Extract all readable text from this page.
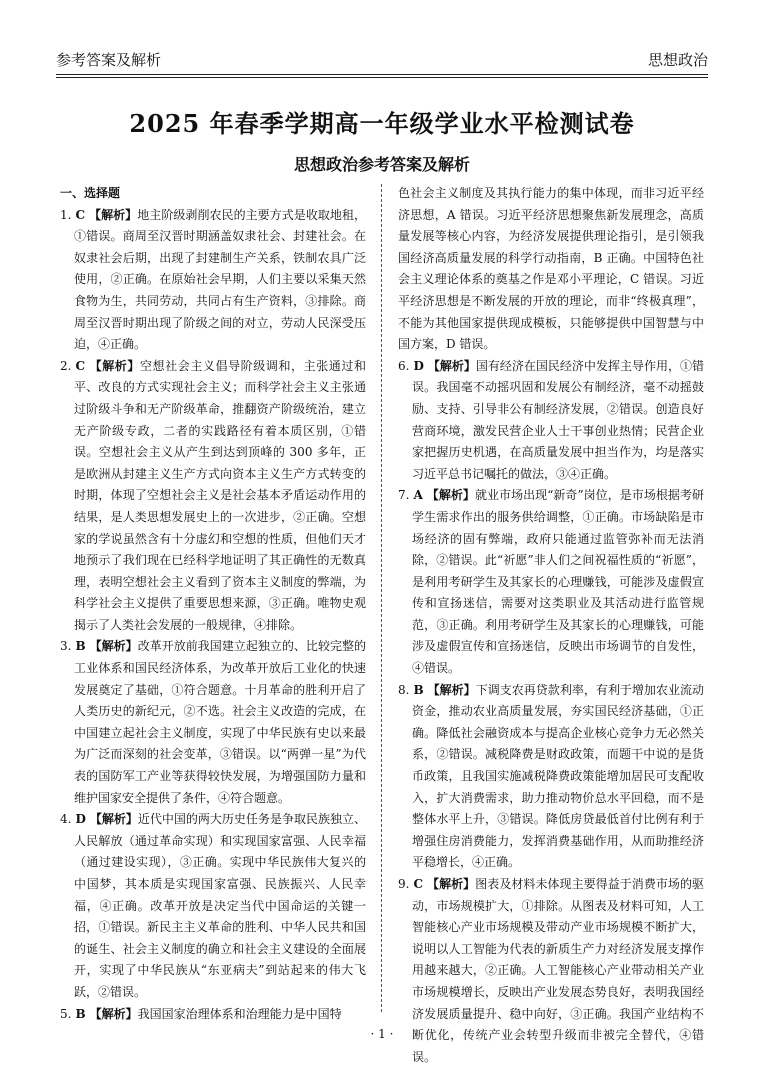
参考答案及解析	思想政治
2025 年春季学期高一年级学业水平检测试卷
思想政治参考答案及解析
一、选择题
1. C 【解析】地主阶级剥削农民的主要方式是收取地租，①错误。商周至汉晋时期涵盖奴隶社会、封建社会。在奴隶社会后期，出现了封建制生产关系，铁制农具广泛使用，②正确。在原始社会早期，人们主要以采集天然食物为生，共同劳动，共同占有生产资料，③排除。商周至汉晋时期出现了阶级之间的对立，劳动人民深受压迫，④正确。
2. C 【解析】空想社会主义倡导阶级调和，主张通过和平、改良的方式实现社会主义；而科学社会主义主张通过阶级斗争和无产阶级革命，推翻资产阶级统治，建立无产阶级专政，二者的实践路径有着本质区别，①错误。空想社会主义从产生到达到顶峰的 300 多年，正是欧洲从封建主义生产方式向资本主义生产方式转变的时期，体现了空想社会主义是社会基本矛盾运动作用的结果，是人类思想发展史上的一次进步，②正确。空想家的学说虽然含有十分虚幻和空想的性质，但他们天才地预示了我们现在已经科学地证明了其正确性的无数真理，表明空想社会主义看到了资本主义制度的弊端，为科学社会主义提供了重要思想来源，③正确。唯物史观揭示了人类社会发展的一般规律，④排除。
3. B 【解析】改革开放前我国建立起独立的、比较完整的工业体系和国民经济体系，为改革开放后工业化的快速发展奠定了基础，①符合题意。十月革命的胜利开启了人类历史的新纪元，②不选。社会主义改造的完成，在中国建立起社会主义制度，实现了中华民族有史以来最为广泛而深刻的社会变革，③错误。以“两弹一星”为代表的国防军工产业等获得较快发展，为增强国防力量和维护国家安全提供了条件，④符合题意。
4. D 【解析】近代中国的两大历史任务是争取民族独立、人民解放（通过革命实现）和实现国家富强、人民幸福（通过建设实现），③正确。实现中华民族伟大复兴的中国梦，其本质是实现国家富强、民族振兴、人民幸福，④正确。改革开放是决定当代中国命运的关键一招，①错误。新民主主义革命的胜利、中华人民共和国的诞生、社会主义制度的确立和社会主义建设的全面展开，实现了中华民族从“东亚病夫”到站起来的伟大飞跃，②错误。
5. B 【解析】我国国家治理体系和治理能力是中国特
色社会主义制度及其执行能力的集中体现，而非习近平经济思想，A 错误。习近平经济思想聚焦新发展理念，高质量发展等核心内容，为经济发展提供理论指引，是引领我国经济高质量发展的科学行动指南，B 正确。中国特色社会主义理论体系的奠基之作是邓小平理论，C 错误。习近平经济思想是不断发展的开放的理论，而非“终极真理”，不能为其他国家提供现成模板，只能够提供中国智慧与中国方案，D 错误。
6. D 【解析】国有经济在国民经济中发挥主导作用，①错误。我国毫不动摇巩固和发展公有制经济，毫不动摇鼓励、支持、引导非公有制经济发展，②错误。创造良好营商环境，激发民营企业人士干事创业热情；民营企业家把握历史机遇，在高质量发展中担当作为，均是落实习近平总书记嘱托的做法，③④正确。
7. A 【解析】就业市场出现“新奇”岗位，是市场根据考研学生需求作出的服务供给调整，①正确。市场缺陷是市场经济的固有弊端，政府只能通过监管弥补而无法消除，②错误。此“祈愿”非人们之间祝福性质的“祈愿”，是利用考研学生及其家长的心理赚钱，可能涉及虚假宣传和宣扬迷信，需要对这类职业及其活动进行监管规范，③正确。利用考研学生及其家长的心理赚钱，可能涉及虚假宣传和宣扬迷信，反映出市场调节的自发性，④错误。
8. B 【解析】下调支农再贷款利率，有利于增加农业流动资金，推动农业高质量发展，夯实国民经济基础，①正确。降低社会融资成本与提高企业核心竞争力无必然关系，②错误。减税降费是财政政策，而题干中说的是货币政策，且我国实施减税降费政策能增加居民可支配收入，扩大消费需求，助力推动物价总水平回稳，而不是整体水平上升，③错误。降低房贷最低首付比例有利于增强住房消费能力，发挥消费基础作用，从而助推经济平稳增长，④正确。
9. C 【解析】图表及材料未体现主要得益于消费市场的驱动，市场规模扩大，①排除。从图表及材料可知，人工智能核心产业市场规模及带动产业市场规模不断扩大，说明以人工智能为代表的新质生产力对经济发展支撑作用越来越大，②正确。人工智能核心产业带动相关产业市场规模增长，反映出产业发展态势良好，表明我国经济发展质量提升、稳中向好，③正确。我国产业结构不断优化，传统产业会转型升级而非被完全替代，④错误。
· 1 ·
